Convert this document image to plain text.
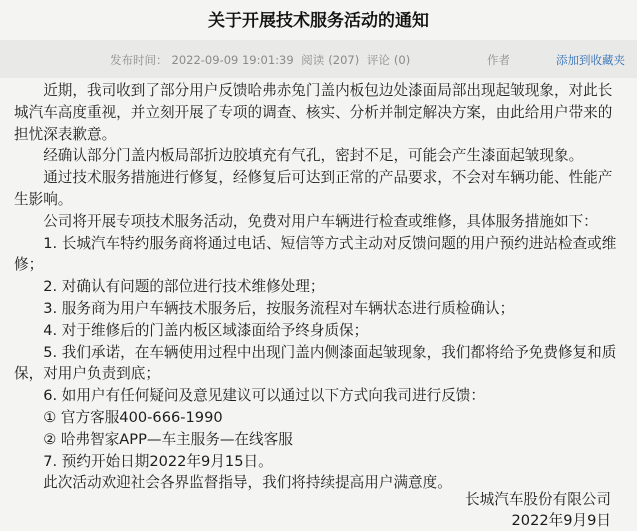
关于开展技术服务活动的通知
发布时间： 2022-09-09 19:01:39 阅读 (207) 评论 (0)	作者	添加到收藏夹
近期，我司收到了部分用户反馈哈弗赤兔门盖内板包边处漆面局部出现起皱现象，对此长城汽车高度重视，并立刻开展了专项的调查、核实、分析并制定解决方案，由此给用户带来的担忧深表歉意。
经确认部分门盖内板局部折边胶填充有气孔，密封不足，可能会产生漆面起皱现象。
通过技术服务措施进行修复，经修复后可达到正常的产品要求，不会对车辆功能、性能产生影响。
公司将开展专项技术服务活动，免费对用户车辆进行检查或维修，具体服务措施如下：
1. 长城汽车特约服务商将通过电话、短信等方式主动对反馈问题的用户预约进站检查或维修；
2. 对确认有问题的部位进行技术维修处理；
3. 服务商为用户车辆技术服务后，按服务流程对车辆状态进行质检确认；
4. 对于维修后的门盖内板区域漆面给予终身质保；
5. 我们承诺，在车辆使用过程中出现门盖内侧漆面起皱现象，我们都将给予免费修复和质保，对用户负责到底；
6. 如用户有任何疑问及意见建议可以通过以下方式向我司进行反馈：
① 官方客服400-666-1990
② 哈弗智家APP—车主服务—在线客服
7. 预约开始日期2022年9月15日。
此次活动欢迎社会各界监督指导，我们将持续提高用户满意度。
长城汽车股份有限公司
2022年9月9日
